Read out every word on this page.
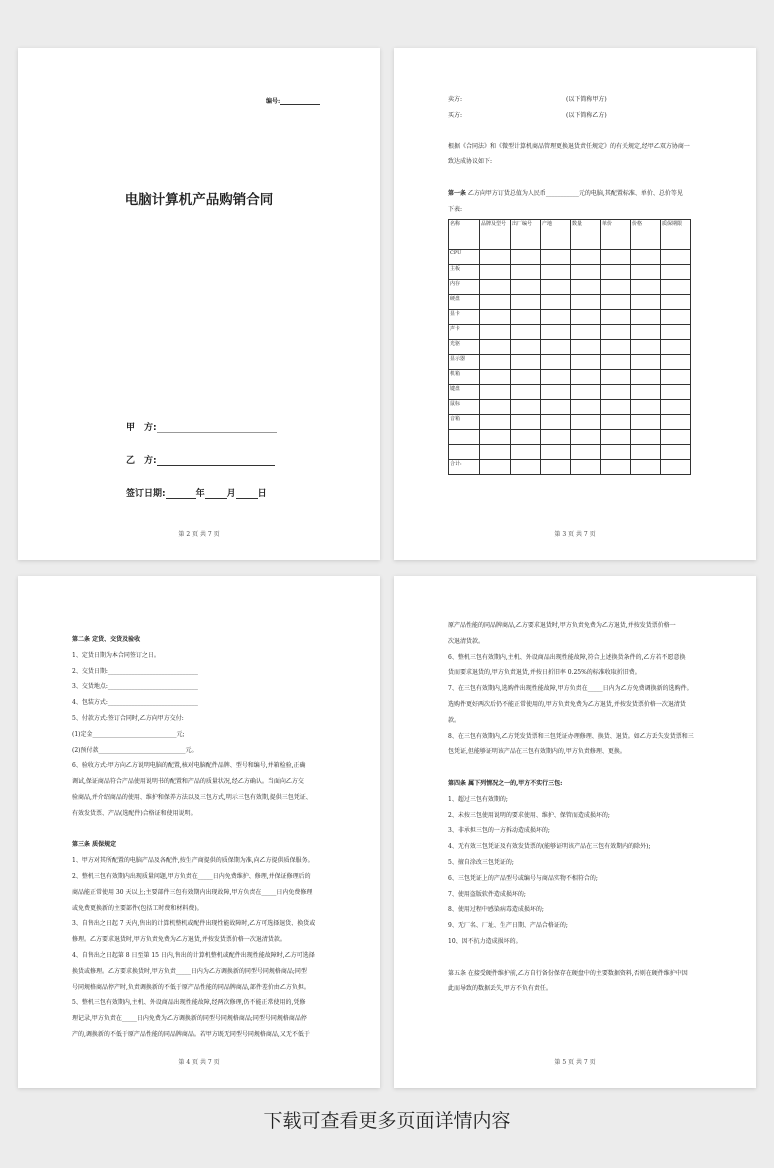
编号:
电脑计算机产品购销合同
甲　方:
乙　方:
签订日期:	年 月 日
第 2 页 共 7 页
卖方:	(以下简称甲方)
买方:	(以下简称乙方)
根据《合同法》和《微型计算机商品管理更换退货责任规定》的有关规定,经甲乙双方协商一
致达成协议如下:
第一条 乙方向甲方订货总值为人民币___________元的电脑,其配置标准、单价、总价等见
下表:
名称	品牌及型号	出厂编号	产地	数量	单价	价格	质保期限
CPU							
主板							
内存							
硬盘							
显卡							
声卡							
光驱							
显示器							
机箱							
键盘							
鼠标							
音箱							

合计:							
第 3 页 共 7 页
第二条 定货、交货及验收
1、定货日期为本合同签订之日。
2、交货日期:______________________________
3、交货地点:______________________________
4、包装方式:______________________________
5、付款方式:签订合同时,乙方向甲方交付:
(1)定金____________________________元;
(2)预付款_____________________________元。
6、验收方式:甲方向乙方说明电脑的配置,核对电脑配件品牌、型号和编号,并箱检验,正确
调试,保证商品符合产品使用说明书的配置和产品的质量状况,经乙方确认。当面向乙方交
验商品,并介绍商品的使用、维护和保养方法以及三包方式,明示三包有效期,提供三包凭证、
有效发货票、产品(选配件)合格证和使用说明。
第三条 质保规定
1、甲方对其所配置的电脑产品及各配件,按生产商提供的质保期为准,向乙方提供质保服务。
2、整机三包有效期内出现质量问题,甲方负责在_____日内免费维护、修理,并保证修理后的
商品能正常使用 30 天以上;主要部件三包有效期内出现故障,甲方负责在_____日内免费修理
或免费更换新的主要部件(包括工时费和材料费)。
3、自售出之日起 7 天内,售出的计算机整机或配件出现性能故障时,乙方可选择退货、换货或
修理。乙方要求退货时,甲方负责免费为乙方退货,并按发货票价格一次退清货款。
4、自售出之日起第 8 日至第 15 日内,售出的计算机整机或配件出现性能故障时,乙方可选择
换货或修理。乙方要求换货时,甲方负责_____日内为乙方调换新的同型号同规格商品;同型
号同规格商品停产时,负责调换新的不低于原产品性能的同品牌商品,部件差价由乙方负担。
5、整机三包有效期内,主机、外设商品出现性能故障,经两次修理,仍不能正常使用的,凭修
理记录,甲方负责在_____日内免费为乙方调换新的同型号同规格商品;同型号同规格商品停
产的,调换新的不低于原产品性能的同品牌商品。若甲方既无同型号同规格商品,又无不低于
第 4 页 共 7 页
原产品性能的同品牌商品,乙方要求退货时,甲方负责免费为乙方退货,并按发货票价格一
次退清货款。
6、整机三包有效期内,主机、外设商品出现性能故障,符合上述换货条件的,乙方若不愿意换
货而要求退货的,甲方负责退货,并按日折旧率 0.25%的标准收取折旧费。
7、在三包有效期内,选购件出现性能故障,甲方负责在_____日内为乙方免费调换新的选购件。
选购件更好两次后仍不能正常使用的,甲方负责免费为乙方退货,并按发货票价格一次退清货
款。
8、在三包有效期内,乙方凭发货票和三包凭证办理修理、换货、退货。如乙方丢失发货票和三
包凭证,但能够证明该产品在三包有效期内的,甲方负责修理、更换。
第四条 属下列情况之一的,甲方不实行三包:
1、超过三包有效期的;
2、未按三包使用说明的要求使用、维护、保管而造成损坏的;
3、非承担三包的一方拆动造成损坏的;
4、无有效三包凭证及有效发货票的(能够证明该产品在三包有效期内的除外);
5、擅自涂改三包凭证的;
6、三包凭证上的产品型号或编号与商品实物不相符合的;
7、使用盗版软件造成损坏的;
8、使用过程中感染病毒造成损坏的;
9、无厂名、厂址、生产日期、产品合格证的;
10、因不抗力造成损坏的。
第五条 在接受硬件维护前,乙方自行备份保存在硬盘中的主要数据资料,否则在硬件维护中因
此而导致的数据丢失,甲方不负有责任。
第 5 页 共 7 页
下载可查看更多页面详情内容
